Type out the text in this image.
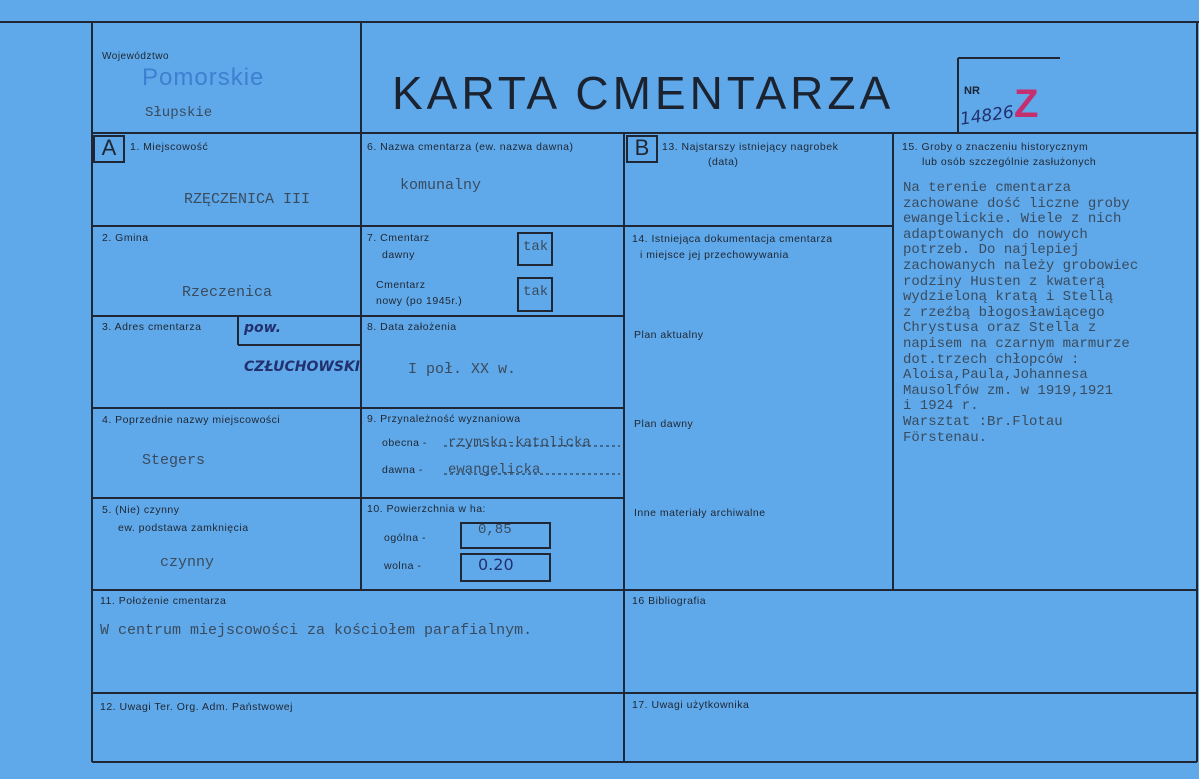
Województwo
Pomorskie
Słupskie	KARTA CMENTARZA	NR
14826
Z
A	1. Miejscowość
RZĘCZENICA III
2. Gmina
Rzeczenica
3. Adres cmentarza	pow.
CZŁUCHOWSKI
4. Poprzednie nazwy miejscowości
Stegers
5. (Nie) czynny
ew. podstawa zamknięcia
czynny
6. Nazwa cmentarza (ew. nazwa dawna)
komunalny
7. Cmentarz
dawny	tak
Cmentarz
nowy (po 1945r.)
tak
8. Data założenia
I poł. XX w.
9. Przynależność wyznaniowa
obecna - rzymsko-katolicka
dawna - ewangelicka
10. Powierzchnia w ha:
ogólna -	0,85
wolna -	0.20
B	13. Najstarszy istniejący nagrobek
(data)
14. Istniejąca dokumentacja cmentarza
i miejsce jej przechowywania
Plan aktualny
Plan dawny
Inne materiały archiwalne
15. Groby o znaczeniu historycznym
lub osób szczególnie zasłużonych
Na terenie cmentarza
zachowane dość liczne groby
ewangelickie. Wiele z nich
adaptowanych do nowych
potrzeb. Do najlepiej
zachowanych należy grobowiec
rodziny Husten z kwaterą
wydzieloną kratą i Stellą
z rzeźbą błogosławiącego
Chrystusa oraz Stella z
napisem na czarnym marmurze
dot.trzech chłopców :
Aloisa,Paula,Johannesa
Mausolfów zm. w 1919,1921
i 1924 r.
Warsztat :Br.Flotau
Förstenau.
11. Położenie cmentarza
W centrum miejscowości za kościołem parafialnym.
16 Bibliografia
12. Uwagi Ter. Org. Adm. Państwowej	17. Uwagi użytkownika
